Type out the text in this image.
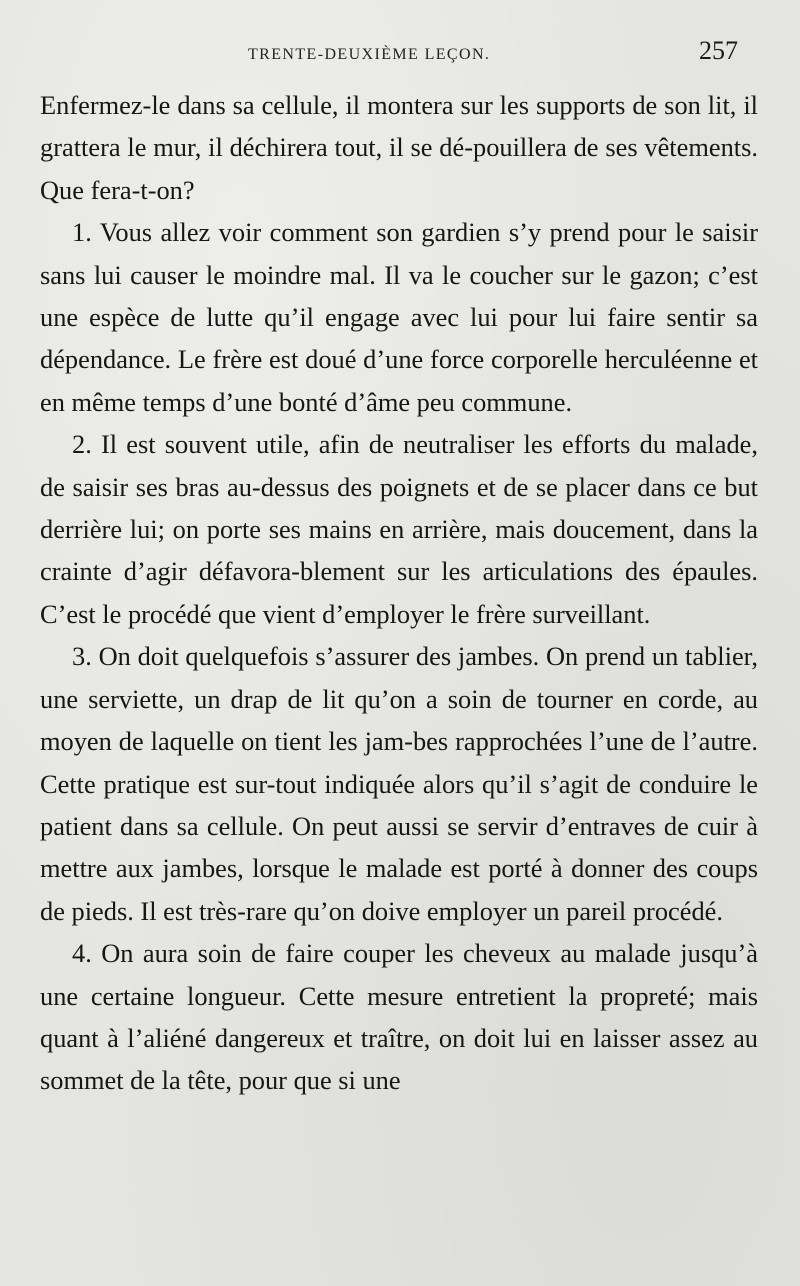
TRENTE-DEUXIÈME LEÇON.	257

Enfermez-le dans sa cellule, il montera sur les supports de son lit, il grattera le mur, il déchirera tout, il se dé-pouillera de ses vêtements. Que fera-t-on?

1. Vous allez voir comment son gardien s’y prend pour le saisir sans lui causer le moindre mal. Il va le coucher sur le gazon; c’est une espèce de lutte qu’il engage avec lui pour lui faire sentir sa dépendance. Le frère est doué d’une force corporelle herculéenne et en même temps d’une bonté d’âme peu commune.

2. Il est souvent utile, afin de neutraliser les efforts du malade, de saisir ses bras au-dessus des poignets et de se placer dans ce but derrière lui; on porte ses mains en arrière, mais doucement, dans la crainte d’agir défavora-blement sur les articulations des épaules. C’est le procédé que vient d’employer le frère surveillant.

3. On doit quelquefois s’assurer des jambes. On prend un tablier, une serviette, un drap de lit qu’on a soin de tourner en corde, au moyen de laquelle on tient les jam-bes rapprochées l’une de l’autre. Cette pratique est sur-tout indiquée alors qu’il s’agit de conduire le patient dans sa cellule. On peut aussi se servir d’entraves de cuir à mettre aux jambes, lorsque le malade est porté à donner des coups de pieds. Il est très-rare qu’on doive employer un pareil procédé.

4. On aura soin de faire couper les cheveux au malade jusqu’à une certaine longueur. Cette mesure entretient la propreté; mais quant à l’aliéné dangereux et traître, on doit lui en laisser assez au sommet de la tête, pour que si une
